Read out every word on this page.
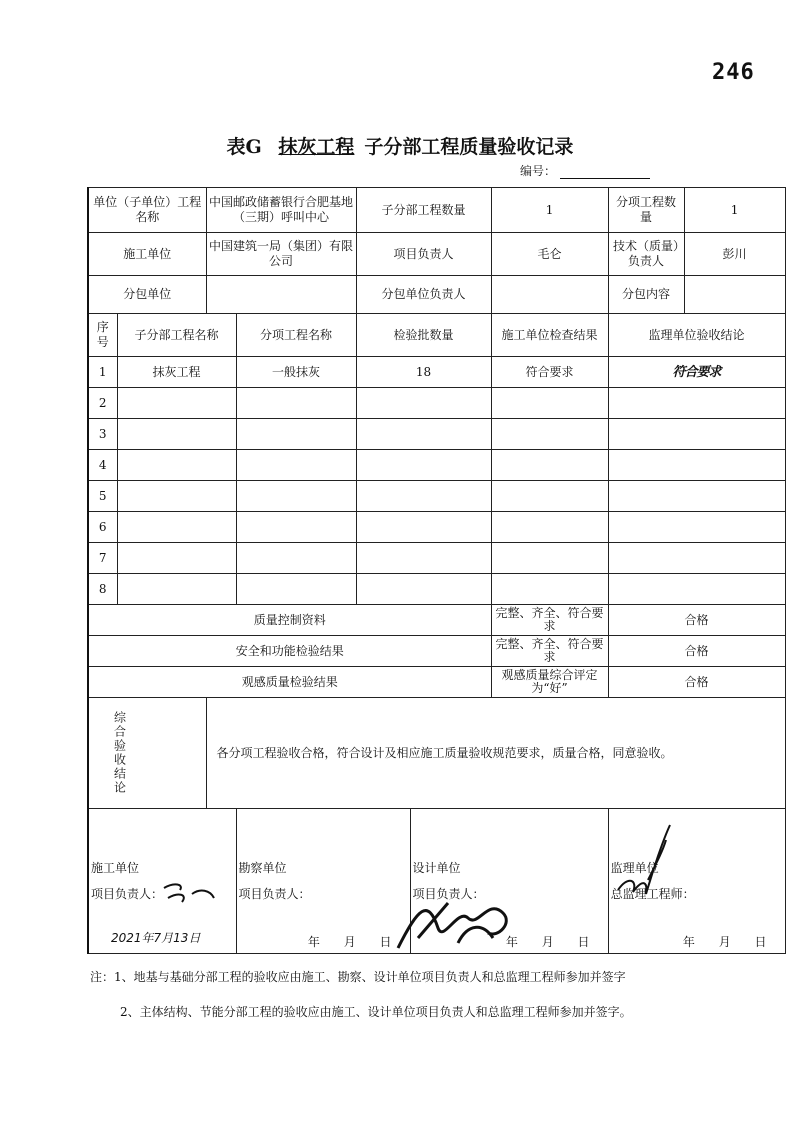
246
表G 抹灰工程 子分部工程质量验收记录
编号：
单位（子单位）工程名称		中国邮政储蓄银行合肥基地（三期）呼叫中心		子分部工程数量		1	分项工程数量	1
施工单位		中国建筑一局（集团）有限公司		项目负责人		毛仑	技术（质量）负责人	彭川
分包单位				分包单位负责人			分包内容	
序号	子分部工程名称		分项工程名称	检验批数量		施工单位检查结果	监理单位验收结论	
1	抹灰工程		一般抹灰	18		符合要求	符合要求	
2								
3								
4								
5								
6								
7								
8								
质量控制资料						完整、齐全、符合要求	合格	
安全和功能检验结果						完整、齐全、符合要求	合格	
观感质量检验结果						观感质量综合评定为“好”	合格	

综合验收结论		各分项工程验收合格，符合设计及相应施工质量验收规范要求，质量合格，同意验收。						

施工单位
项目负责人：
2021年7月13日			勘察单位
项目负责人：
年 月 日		设计单位
项目负责人：
年 月 日		监理单位
总监理工程师：
年 月 日	
注：1、地基与基础分部工程的验收应由施工、勘察、设计单位项目负责人和总监理工程师参加并签字
2、主体结构、节能分部工程的验收应由施工、设计单位项目负责人和总监理工程师参加并签字。
